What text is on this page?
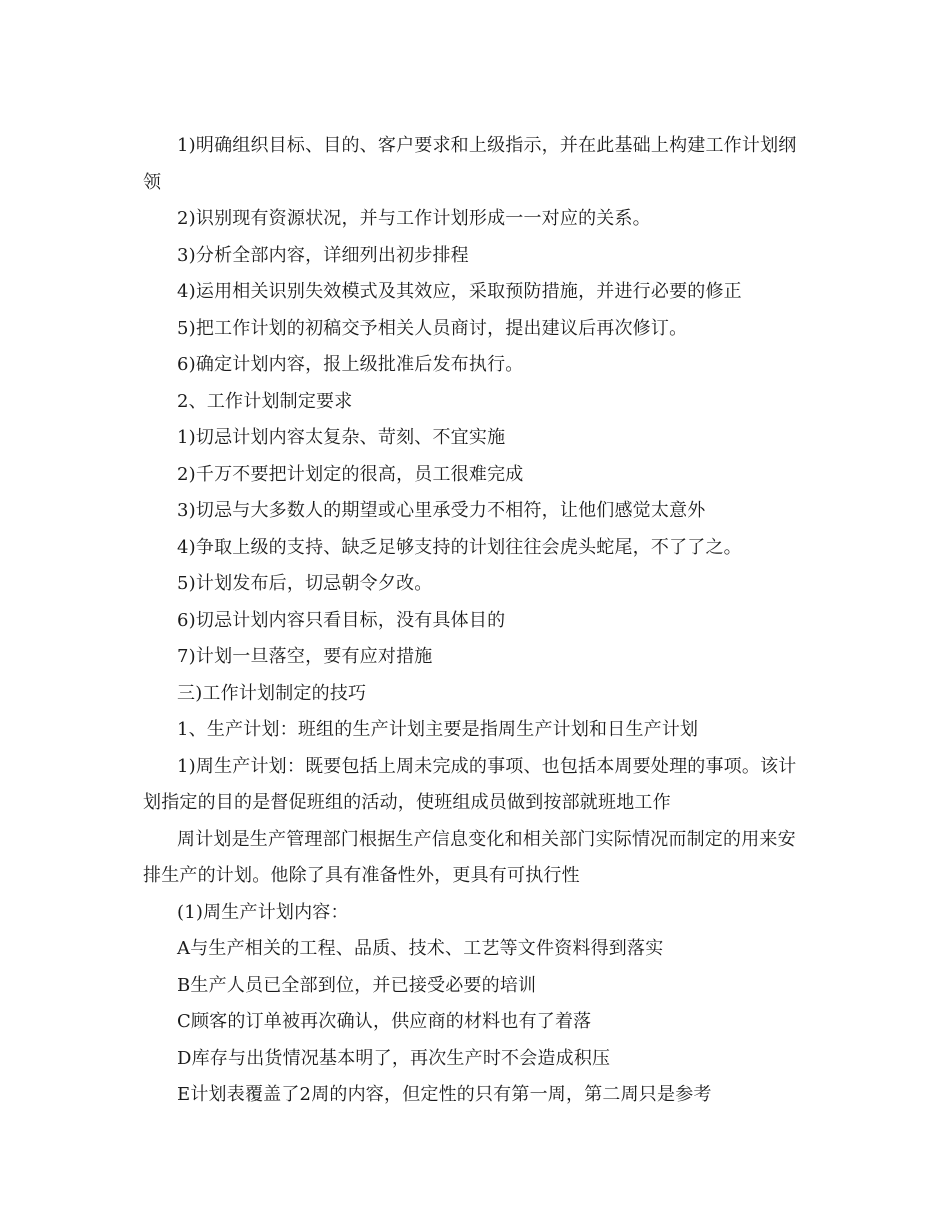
1)明确组织目标、目的、客户要求和上级指示，并在此基础上构建工作计划纲领

2)识别现有资源状况，并与工作计划形成一一对应的关系。

3)分析全部内容，详细列出初步排程

4)运用相关识别失效模式及其效应，采取预防措施，并进行必要的修正

5)把工作计划的初稿交予相关人员商讨，提出建议后再次修订。

6)确定计划内容，报上级批准后发布执行。

2、工作计划制定要求

1)切忌计划内容太复杂、苛刻、不宜实施

2)千万不要把计划定的很高，员工很难完成

3)切忌与大多数人的期望或心里承受力不相符，让他们感觉太意外

4)争取上级的支持、缺乏足够支持的计划往往会虎头蛇尾，不了了之。

5)计划发布后，切忌朝令夕改。

6)切忌计划内容只看目标，没有具体目的

7)计划一旦落空，要有应对措施

三)工作计划制定的技巧

1、生产计划：班组的生产计划主要是指周生产计划和日生产计划

1)周生产计划：既要包括上周未完成的事项、也包括本周要处理的事项。该计划指定的目的是督促班组的活动，使班组成员做到按部就班地工作

周计划是生产管理部门根据生产信息变化和相关部门实际情况而制定的用来安排生产的计划。他除了具有准备性外，更具有可执行性

(1)周生产计划内容：

A与生产相关的工程、品质、技术、工艺等文件资料得到落实

B生产人员已全部到位，并已接受必要的培训

C顾客的订单被再次确认，供应商的材料也有了着落

D库存与出货情况基本明了，再次生产时不会造成积压

E计划表覆盖了2周的内容，但定性的只有第一周，第二周只是参考
